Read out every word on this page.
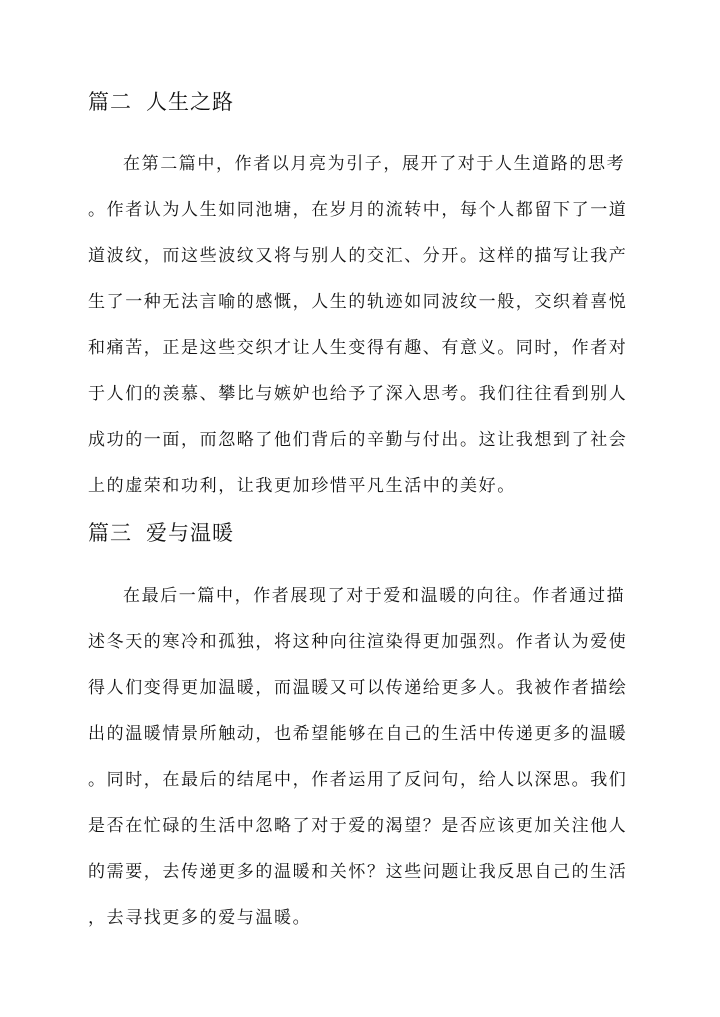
篇二 人生之路

在第二篇中，作者以月亮为引子，展开了对于人生道路的思考

。作者认为人生如同池塘，在岁月的流转中，每个人都留下了一道

道波纹，而这些波纹又将与别人的交汇、分开。这样的描写让我产

生了一种无法言喻的感慨，人生的轨迹如同波纹一般，交织着喜悦

和痛苦，正是这些交织才让人生变得有趣、有意义。同时，作者对

于人们的羡慕、攀比与嫉妒也给予了深入思考。我们往往看到别人

成功的一面，而忽略了他们背后的辛勤与付出。这让我想到了社会

上的虚荣和功利，让我更加珍惜平凡生活中的美好。

篇三 爱与温暖

在最后一篇中，作者展现了对于爱和温暖的向往。作者通过描

述冬天的寒冷和孤独，将这种向往渲染得更加强烈。作者认为爱使

得人们变得更加温暖，而温暖又可以传递给更多人。我被作者描绘

出的温暖情景所触动，也希望能够在自己的生活中传递更多的温暖

。同时，在最后的结尾中，作者运用了反问句，给人以深思。我们

是否在忙碌的生活中忽略了对于爱的渴望？是否应该更加关注他人

的需要，去传递更多的温暖和关怀？这些问题让我反思自己的生活

，去寻找更多的爱与温暖。
